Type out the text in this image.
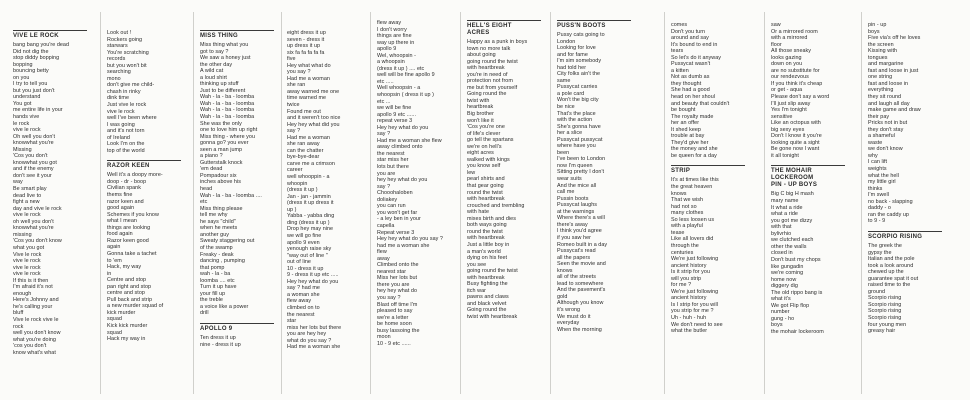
VIVE LE ROCK
bang bang you're dead
Did not dig the
stop diddy bopping
bopping
bouncing betty
on you
I try to tell you
but you just don't
understand
You got
me entire life in your
hands vive
le rock
vive le rock
Oh well you don't
knowwhat you're
Missing
'Cos you don't
knowwhat you got
and if the enemy
don't see it your
way
Be smart play
dead live to
fight a new
day and vive le rock
vive le rock
oh well you don't
knowwhat you're
missing
'Cos you don't know
what you got
Vive le rock
vive le rock
vive le rock
vive le rock
If this is it then
I'm afraid it's not
enough
Here's Johnny and
he's calling your
bluff
Vive le rock vive le
rock
well you don't know
what you're doing
'cos you don't
know what's what
Look out !
Rockers going
starwars
You're scratching
records
but you won't bit
searching
mono
don't give me child-
chash in rinky
dink time
Just vive le rock
vive le rock
well I've been where
I was going
and it's not torn
of Ireland
Look I'm on the
top of the world
RAZOR KEEN
Well it's a doopy more-
doop - dr - boop
Civilian spank
thems fine
razor keen and
good again
Schemes if you know
what I mean
things are looking
food again
Razor keen good
again
Gonna take a tachet
to 'em
Hack, my way
in
Centre and stop
pan right and stop
centre and stop
Pull back and strip
a new murder squad of
kick murder
squad
Kick kick murder
squad
Hack my way in
MISS THING
Miss thing what you
got to say ?
We saw a honey just
the other day
A wild cat
a loud shirt
thinking up stuff
Just to be different
Wah - la - ba - loomba
Wah - la - ba - loomba
Wah - la - ba - loomba
Wah - la - ba - loomba
She was the only
one to love him up right
Miss thing - where you
gonna go? you ever
seen a man jump
a piano ?
Gutterstalk knock
'em dead
Pompadour six
inches above his
head
Wah - la - ba - loomba ....
etc
Miss thing please
tell me why
he says "child"
when he meets
another guy
Sweaty staggering out
of the swamp
Freaky - deak
dancing , pumping
that pomp
wah - la - ba
loomba .... etc
Turn it up have
your fill up
the treble
a voice like a power
drill
APOLLO 9
Ten dress it up
nine - dress it up
eight dress it up
seven - dress it
up dress it up
six fa fa fa fa fa
five
Hey what what do
you say ?
Had me a woman
she ran
away warned me one
time warned me
twice
Found me out
and it weren't too nice
Hey hey what did you
say ?
Had me a woman
she ran away
can the chatter
bye-bye-dear
carve me a crimson
career
well whooppin - a
whoopin
(dress it up )
Jan - jan - jammin
(dress it up dress it
up )
Yabba - yabba ding
ding (dress it up )
Drop hey may nine
we will go fine
apollo 9 even
yenough raise sky
"way out of line "
out of line
10 - dress it up
9 - dress it up etc .....
Hey hey what do you
say ? had me
a woman she
flew away
climbed on to
the nearest
star
miss her lots but there
you are hey hey
what do you say ?
Had me a woman she
flew away
I don't worry
things are fine
way up there in
apollo 9
Wel, whoopsin -
a whoopsin
(dress it up ) .... etc
well will be fine apollo 9
etc .....
Well whoopsin - a
whoopsin ( dress it up )
etc ...
we will be fine
apollo 9 etc ......
repeat verse 3
Hey hey what do you
say ?
Had me a woman she flew
away climbed onto
the nearest
star miss her
lots but there
you are
hey hey what do you
say ?
Chooohaloben
doliakey
you can run
you won't get far
- a ley ben in your
capella
Repeat verse 3
Hey hey what do you say ?
had me a woman she
flew
away
Climbed onto the
nearest star
Miss her lots but
there you are
hey hey what do
you say ?
Blast off time I'm
pleased to say
we're a letter
be home soon
busy lassoing the
moon
10 - 9 etc ......
HELL'S EIGHT
ACRES
Happy as a punk in boys
town no more talk
about going
going round the twist
with heartbreak
you're in need of
protection not from
me but from yourself
Going round the
twist with
heartbreak
Big brother
won't like it
'Cos you're one
of life's clever
go tell the spartans
we're on hell's
eight acres
walked with kings
you know self
lew
pearl shirts and
that gear going
round the twist
with heartbreak
crouched and trembling
with hate
mixes birth and dies
both ways going
round the twist
with heartbreak
Just a little boy in
a man's world
dying on his feet
you see
going round the twist
with heartbreak
Busy fighting the
itch war
pawns and claws
and black velvet
Going round the
twist with heartbreak
PUSS'N BOOTS
Pussy cats going to
London
Looking for love
and for fame
I'm sim somebody
had told her
City folks ain't the
same
Pussycat carries
a pole card
Won't the big city
be nice
That's the place
with the action
She's gonna have
her a slice
Pussycat pussycat
where have you
been
I've been to London
now I'm queen
Sitting pretty I don't
wear suits
And the mice all
call me
Pussin boots
Pussycat laughs
at the warnings
Where there's a will
there's away
I think you'd agree
if you saw her
Romeo built in a day
Pussycat's read
all the papers
Seen the movie and
knows
all of the streets
lead to somewhere
And the pavement's
gold
Although you know
it's wrong
We must do it
everyday
When the morning
comes
Don't you turn
around and say
It's bound to end in
tears
So let's do it anyway
Pussycat wasn't
a kitten
Not as dumb as
they thought
She had a good
head on her shoul
and beauty that couldn't
be bought
The royalty made
her an offer
It shed keep
trouble at bay
They'd give her
the money and she
be queen for a day
STRIP
It's at times like this
the great heaven
knows
That we wish
had not so
many clothes
So less loosen us
with a playful
tease
Like all lovers did
through the
centuries
We're just following
ancient history
Is it strip for you
will you strip
for me ?
We're just following
ancient history
Is I strip for you will
you strip for me ?
Uh - huh - huh
We don't need to see
what the butler
saw
Or a mirrored room
with a mirrored
floor
All those sneaky
looks gazing
down on you
are no substitute for
our rendezvous
If you think it's cheap
or get - aqua
Please don't say a word
I'll just slip away
Yes I'm tonight
sensitive
Like an octopus with
big sexy eyes
Don't I know it you're
looking quite a sight
Be gone now I want
it all tonight
THE MOHAIR
LOCKEROOM
PIN - UP BOYS
Big C big H mash
mary name
It what a ride
what a ride
you got me dizzy
with that
bylivrhio
we clutched each
other the walls
closed in
Don't bust my chops
like gungadin
we're coming
home now
diggery dig
The old rippo bang is
what it's
We got Flip flop
number
gung - ho
boys
the mohair lockeroom
pin - up
boys
Five via's off he loves
the screen
Kissing with
tongues
and margarine
fast and loose in just
one string
fast and loose in
everything
they sit round
and laugh all day
make game and draw
their pay
Pricks not in but
they don't stay
a shameful
waste
we don't know
why
I can lift
weights
what the hell
my little girl
thinks
I'm swell
no back - slapping
daddy - o
ran the caddy up
to 9 - 9
SCORPIO RISING
The greek the
gypsy the
Italian and the pole
took a look around
chewed up the
guarantee spat it out
raised time to the
ground
Scorpio rising
Scorpio rising
Scorpio rising
Scorpio rising
four young men
greasy hair
